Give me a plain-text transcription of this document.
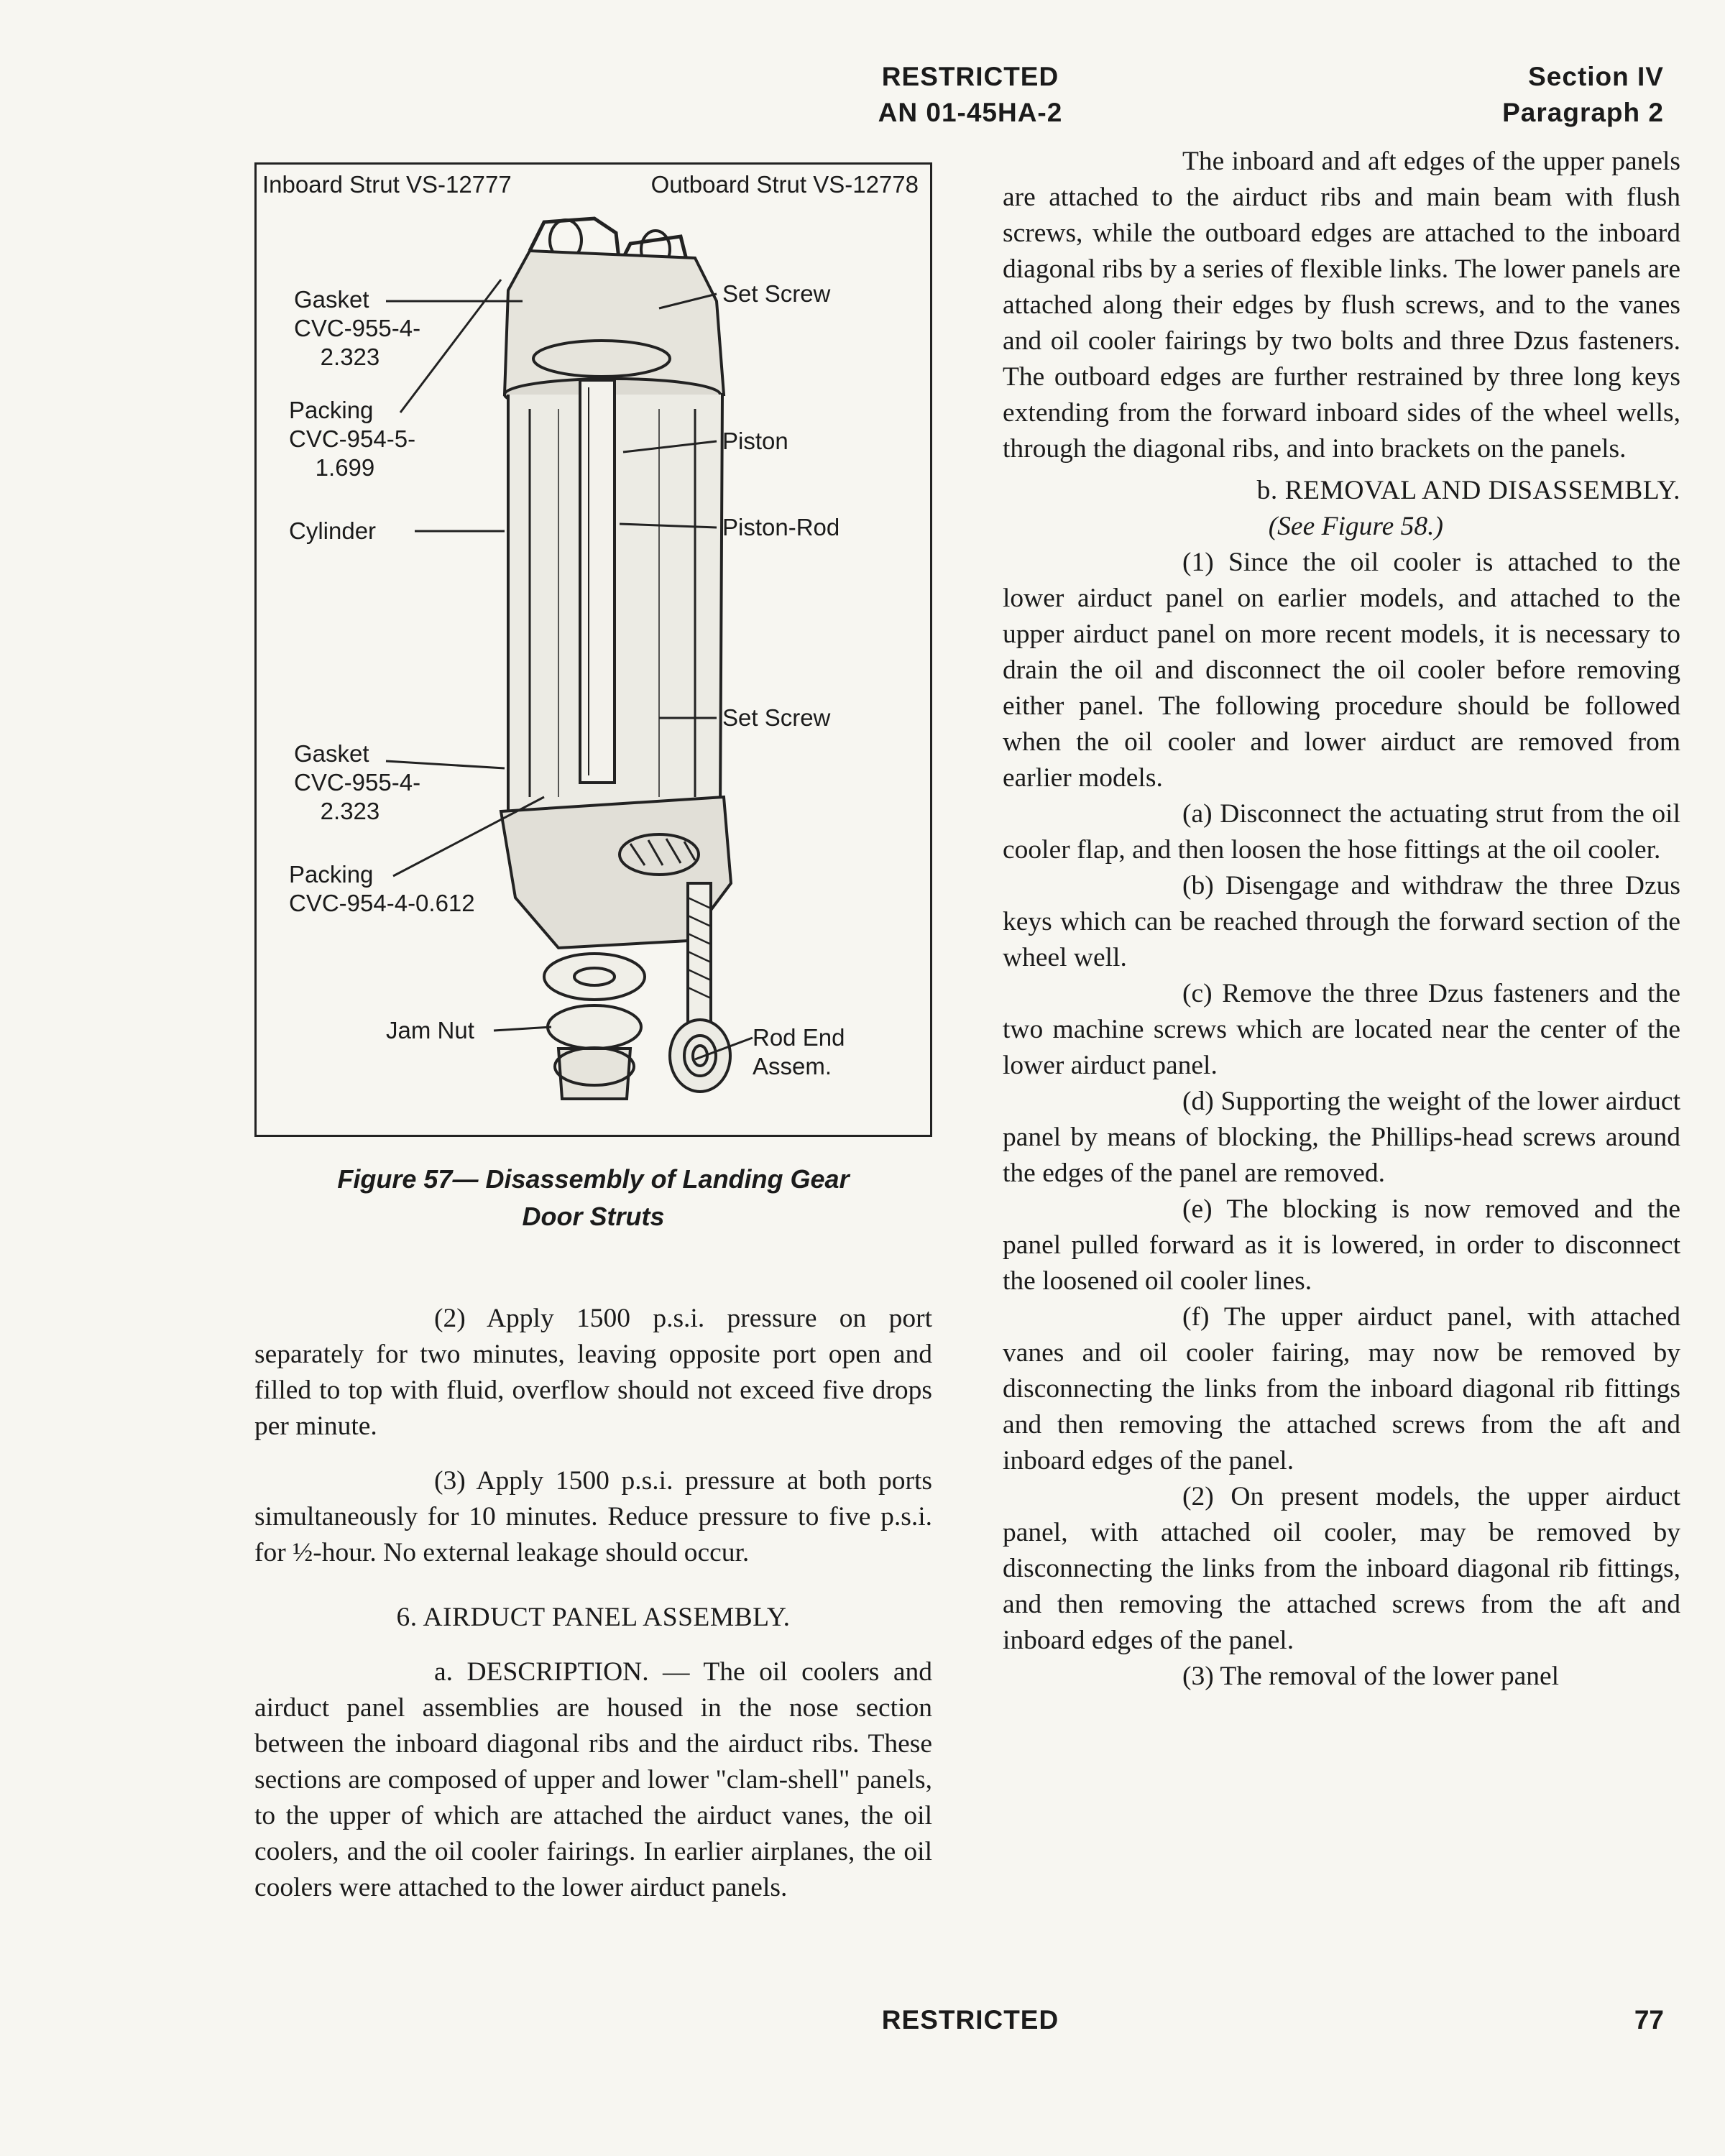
RESTRICTED
AN 01-45HA-2
Section IV
Paragraph 2
Inboard Strut VS-12777	Outboard Strut VS-12778
Gasket
CVC-955-4-
2.323
Packing
CVC-954-5-
1.699
Cylinder
Gasket
CVC-955-4-
2.323
Packing
CVC-954-4-0.612
Jam Nut
Set Screw
Piston
Piston-Rod
Set Screw
Rod End
Assem.
Figure 57— Disassembly of Landing Gear
Door Struts

(2) Apply 1500 p.s.i. pressure on port separately for two minutes, leaving opposite port open and filled to top with fluid, overflow should not exceed five drops per minute.

(3) Apply 1500 p.s.i. pressure at both ports simultaneously for 10 minutes. Reduce pressure to five p.s.i. for ½-hour. No external leakage should occur.

6. AIRDUCT PANEL ASSEMBLY.

a. DESCRIPTION. — The oil coolers and airduct panel assemblies are housed in the nose section between the inboard diagonal ribs and the airduct ribs. These sections are composed of upper and lower "clam-shell" panels, to the upper of which are attached the airduct vanes, the oil coolers, and the oil cooler fairings. In earlier airplanes, the oil coolers were attached to the lower airduct panels.

The inboard and aft edges of the upper panels are attached to the airduct ribs and main beam with flush screws, while the outboard edges are attached to the inboard diagonal ribs by a series of flexible links. The lower panels are attached along their edges by flush screws, and to the vanes and oil cooler fairings by two bolts and three Dzus fasteners. The outboard edges are further restrained by three long keys extending from the forward inboard sides of the wheel wells, through the diagonal ribs, and into brackets on the panels.

b. REMOVAL AND DISASSEMBLY.

(See Figure 58.)

(1) Since the oil cooler is attached to the lower airduct panel on earlier models, and attached to the upper airduct panel on more recent models, it is necessary to drain the oil and disconnect the oil cooler before removing either panel. The following procedure should be followed when the oil cooler and lower airduct are removed from earlier models.

(a) Disconnect the actuating strut from the oil cooler flap, and then loosen the hose fittings at the oil cooler.

(b) Disengage and withdraw the three Dzus keys which can be reached through the forward section of the wheel well.

(c) Remove the three Dzus fasteners and the two machine screws which are located near the center of the lower airduct panel.

(d) Supporting the weight of the lower airduct panel by means of blocking, the Phillips-head screws around the edges of the panel are removed.

(e) The blocking is now removed and the panel pulled forward as it is lowered, in order to disconnect the loosened oil cooler lines.

(f) The upper airduct panel, with attached vanes and oil cooler fairing, may now be removed by disconnecting the links from the inboard diagonal rib fittings and then removing the attached screws from the aft and inboard edges of the panel.

(2) On present models, the upper airduct panel, with attached oil cooler, may be removed by disconnecting the links from the inboard diagonal rib fittings, and then removing the attached screws from the aft and inboard edges of the panel.

(3) The removal of the lower panel

RESTRICTED	77
